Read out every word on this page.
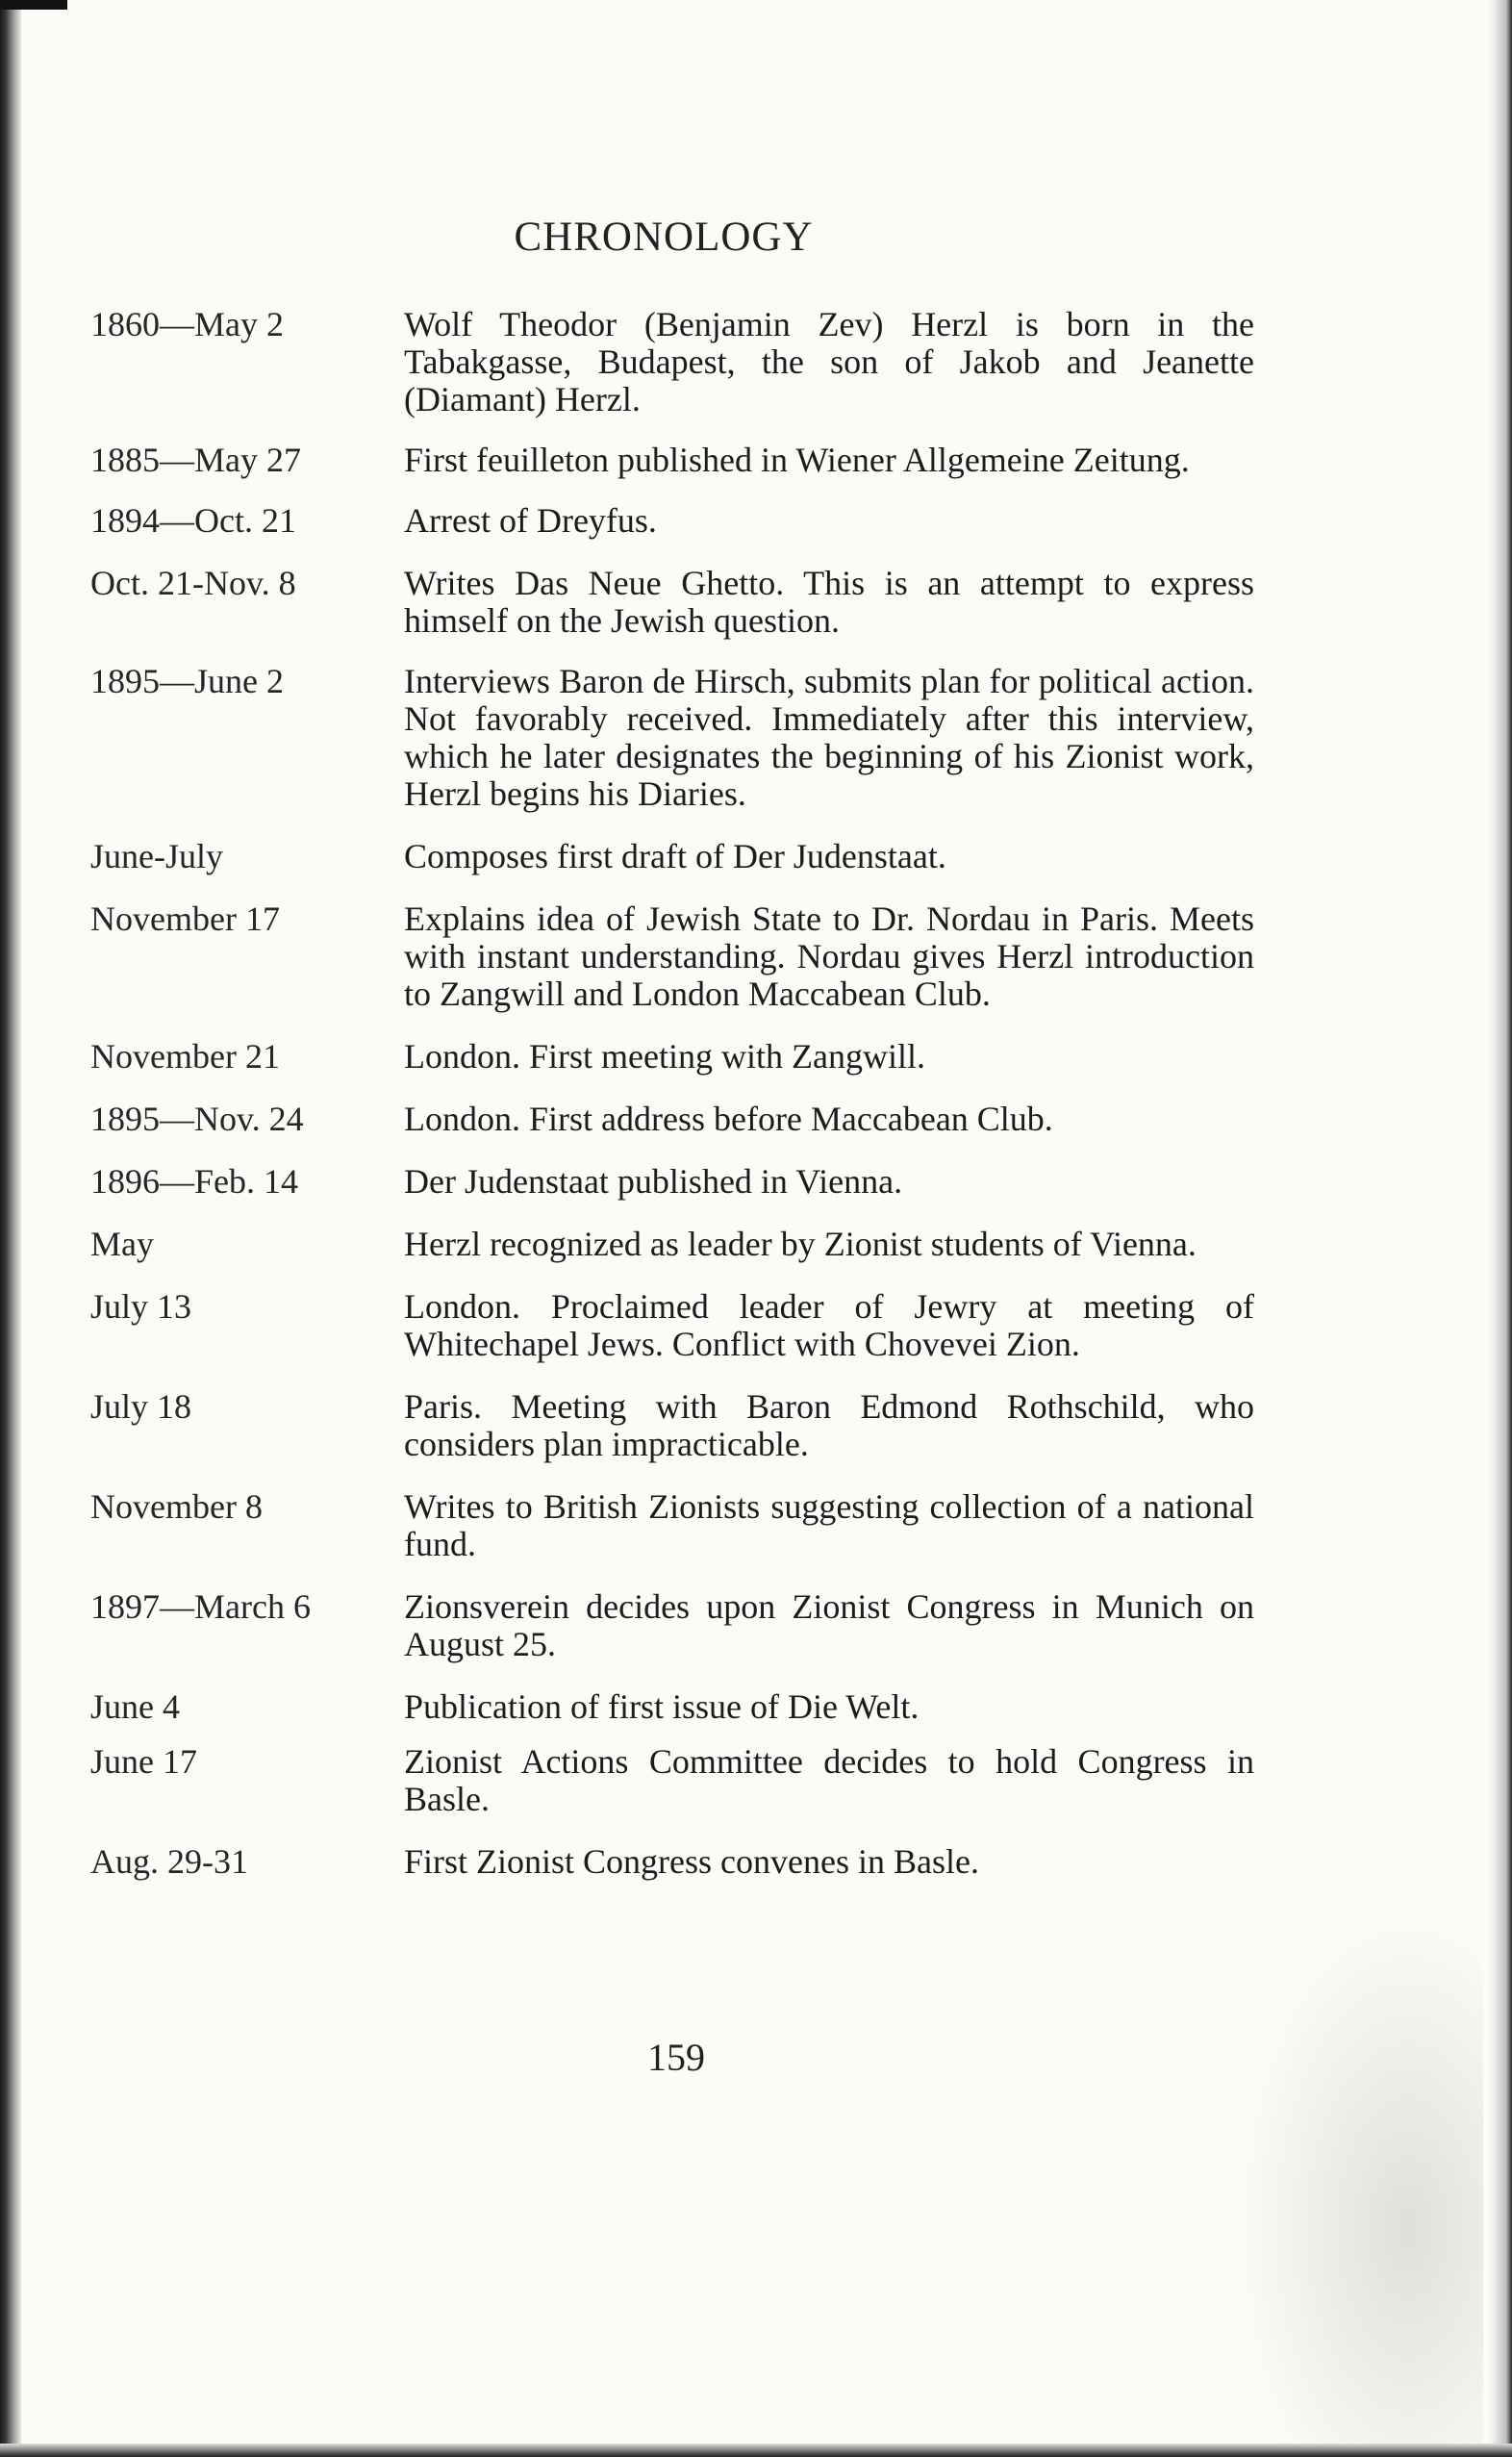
CHRONOLOGY
1860—May 2	Wolf Theodor (Benjamin Zev) Herzl is born in the Tabakgasse, Budapest, the son of Jakob and Jeanette (Diamant) Herzl.
1885—May 27	First feuilleton published in Wiener Allgemeine Zeitung.
1894—Oct. 21	Arrest of Dreyfus.
Oct. 21-Nov. 8	Writes Das Neue Ghetto. This is an attempt to express himself on the Jewish question.
1895—June 2	Interviews Baron de Hirsch, submits plan for political action. Not favorably received. Immediately after this interview, which he later designates the beginning of his Zionist work, Herzl begins his Diaries.
June-July	Composes first draft of Der Judenstaat.
November 17	Explains idea of Jewish State to Dr. Nordau in Paris. Meets with instant understanding. Nordau gives Herzl introduction to Zangwill and London Maccabean Club.
November 21	London. First meeting with Zangwill.
1895—Nov. 24	London. First address before Maccabean Club.
1896—Feb. 14	Der Judenstaat published in Vienna.
May	Herzl recognized as leader by Zionist students of Vienna.
July 13	London. Proclaimed leader of Jewry at meeting of Whitechapel Jews. Conflict with Chovevei Zion.
July 18	Paris. Meeting with Baron Edmond Rothschild, who considers plan impracticable.
November 8	Writes to British Zionists suggesting collection of a national fund.
1897—March 6	Zionsverein decides upon Zionist Congress in Munich on August 25.
June 4	Publication of first issue of Die Welt.
June 17	Zionist Actions Committee decides to hold Congress in Basle.
Aug. 29-31	First Zionist Congress convenes in Basle.
159
